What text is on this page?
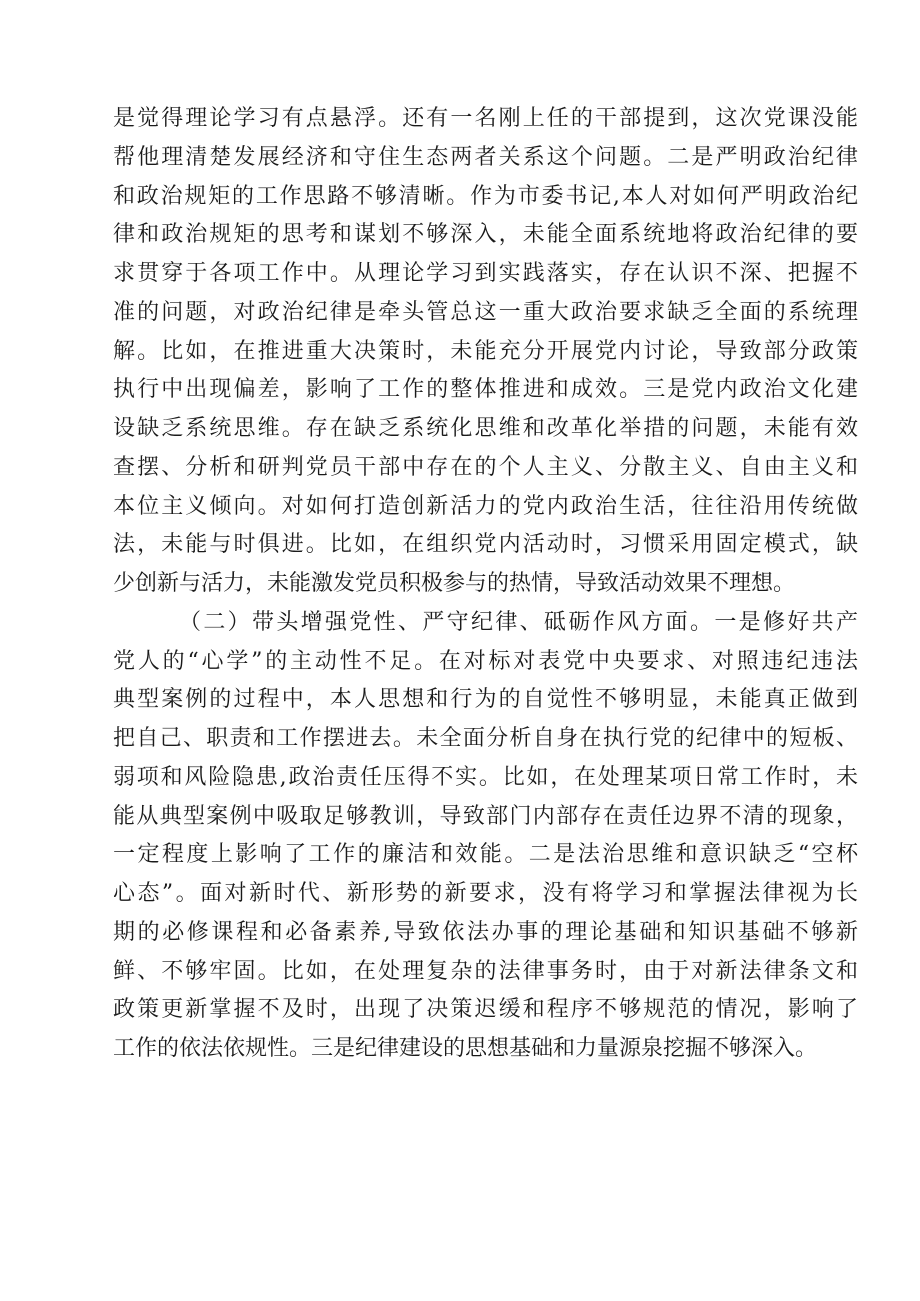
是觉得理论学习有点悬浮。还有一名刚上任的干部提到，这次党课没能
帮他理清楚发展经济和守住生态两者关系这个问题。二是严明政治纪律
和政治规矩的工作思路不够清晰。作为市委书记,本人对如何严明政治纪
律和政治规矩的思考和谋划不够深入，未能全面系统地将政治纪律的要
求贯穿于各项工作中。从理论学习到实践落实，存在认识不深、把握不
准的问题，对政治纪律是牵头管总这一重大政治要求缺乏全面的系统理
解。比如，在推进重大决策时，未能充分开展党内讨论，导致部分政策
执行中出现偏差，影响了工作的整体推进和成效。三是党内政治文化建
设缺乏系统思维。存在缺乏系统化思维和改革化举措的问题，未能有效
查摆、分析和研判党员干部中存在的个人主义、分散主义、自由主义和
本位主义倾向。对如何打造创新活力的党内政治生活，往往沿用传统做
法，未能与时俱进。比如，在组织党内活动时，习惯采用固定模式，缺
少创新与活力，未能激发党员积极参与的热情，导致活动效果不理想。
（二）带头增强党性、严守纪律、砥砺作风方面。一是修好共产
党人的“心学”的主动性不足。在对标对表党中央要求、对照违纪违法
典型案例的过程中，本人思想和行为的自觉性不够明显，未能真正做到
把自己、职责和工作摆进去。未全面分析自身在执行党的纪律中的短板、
弱项和风险隐患,政治责任压得不实。比如，在处理某项日常工作时，未
能从典型案例中吸取足够教训，导致部门内部存在责任边界不清的现象，
一定程度上影响了工作的廉洁和效能。二是法治思维和意识缺乏“空杯
心态”。面对新时代、新形势的新要求，没有将学习和掌握法律视为长
期的必修课程和必备素养,导致依法办事的理论基础和知识基础不够新
鲜、不够牢固。比如，在处理复杂的法律事务时，由于对新法律条文和
政策更新掌握不及时，出现了决策迟缓和程序不够规范的情况，影响了
工作的依法依规性。三是纪律建设的思想基础和力量源泉挖掘不够深入。
